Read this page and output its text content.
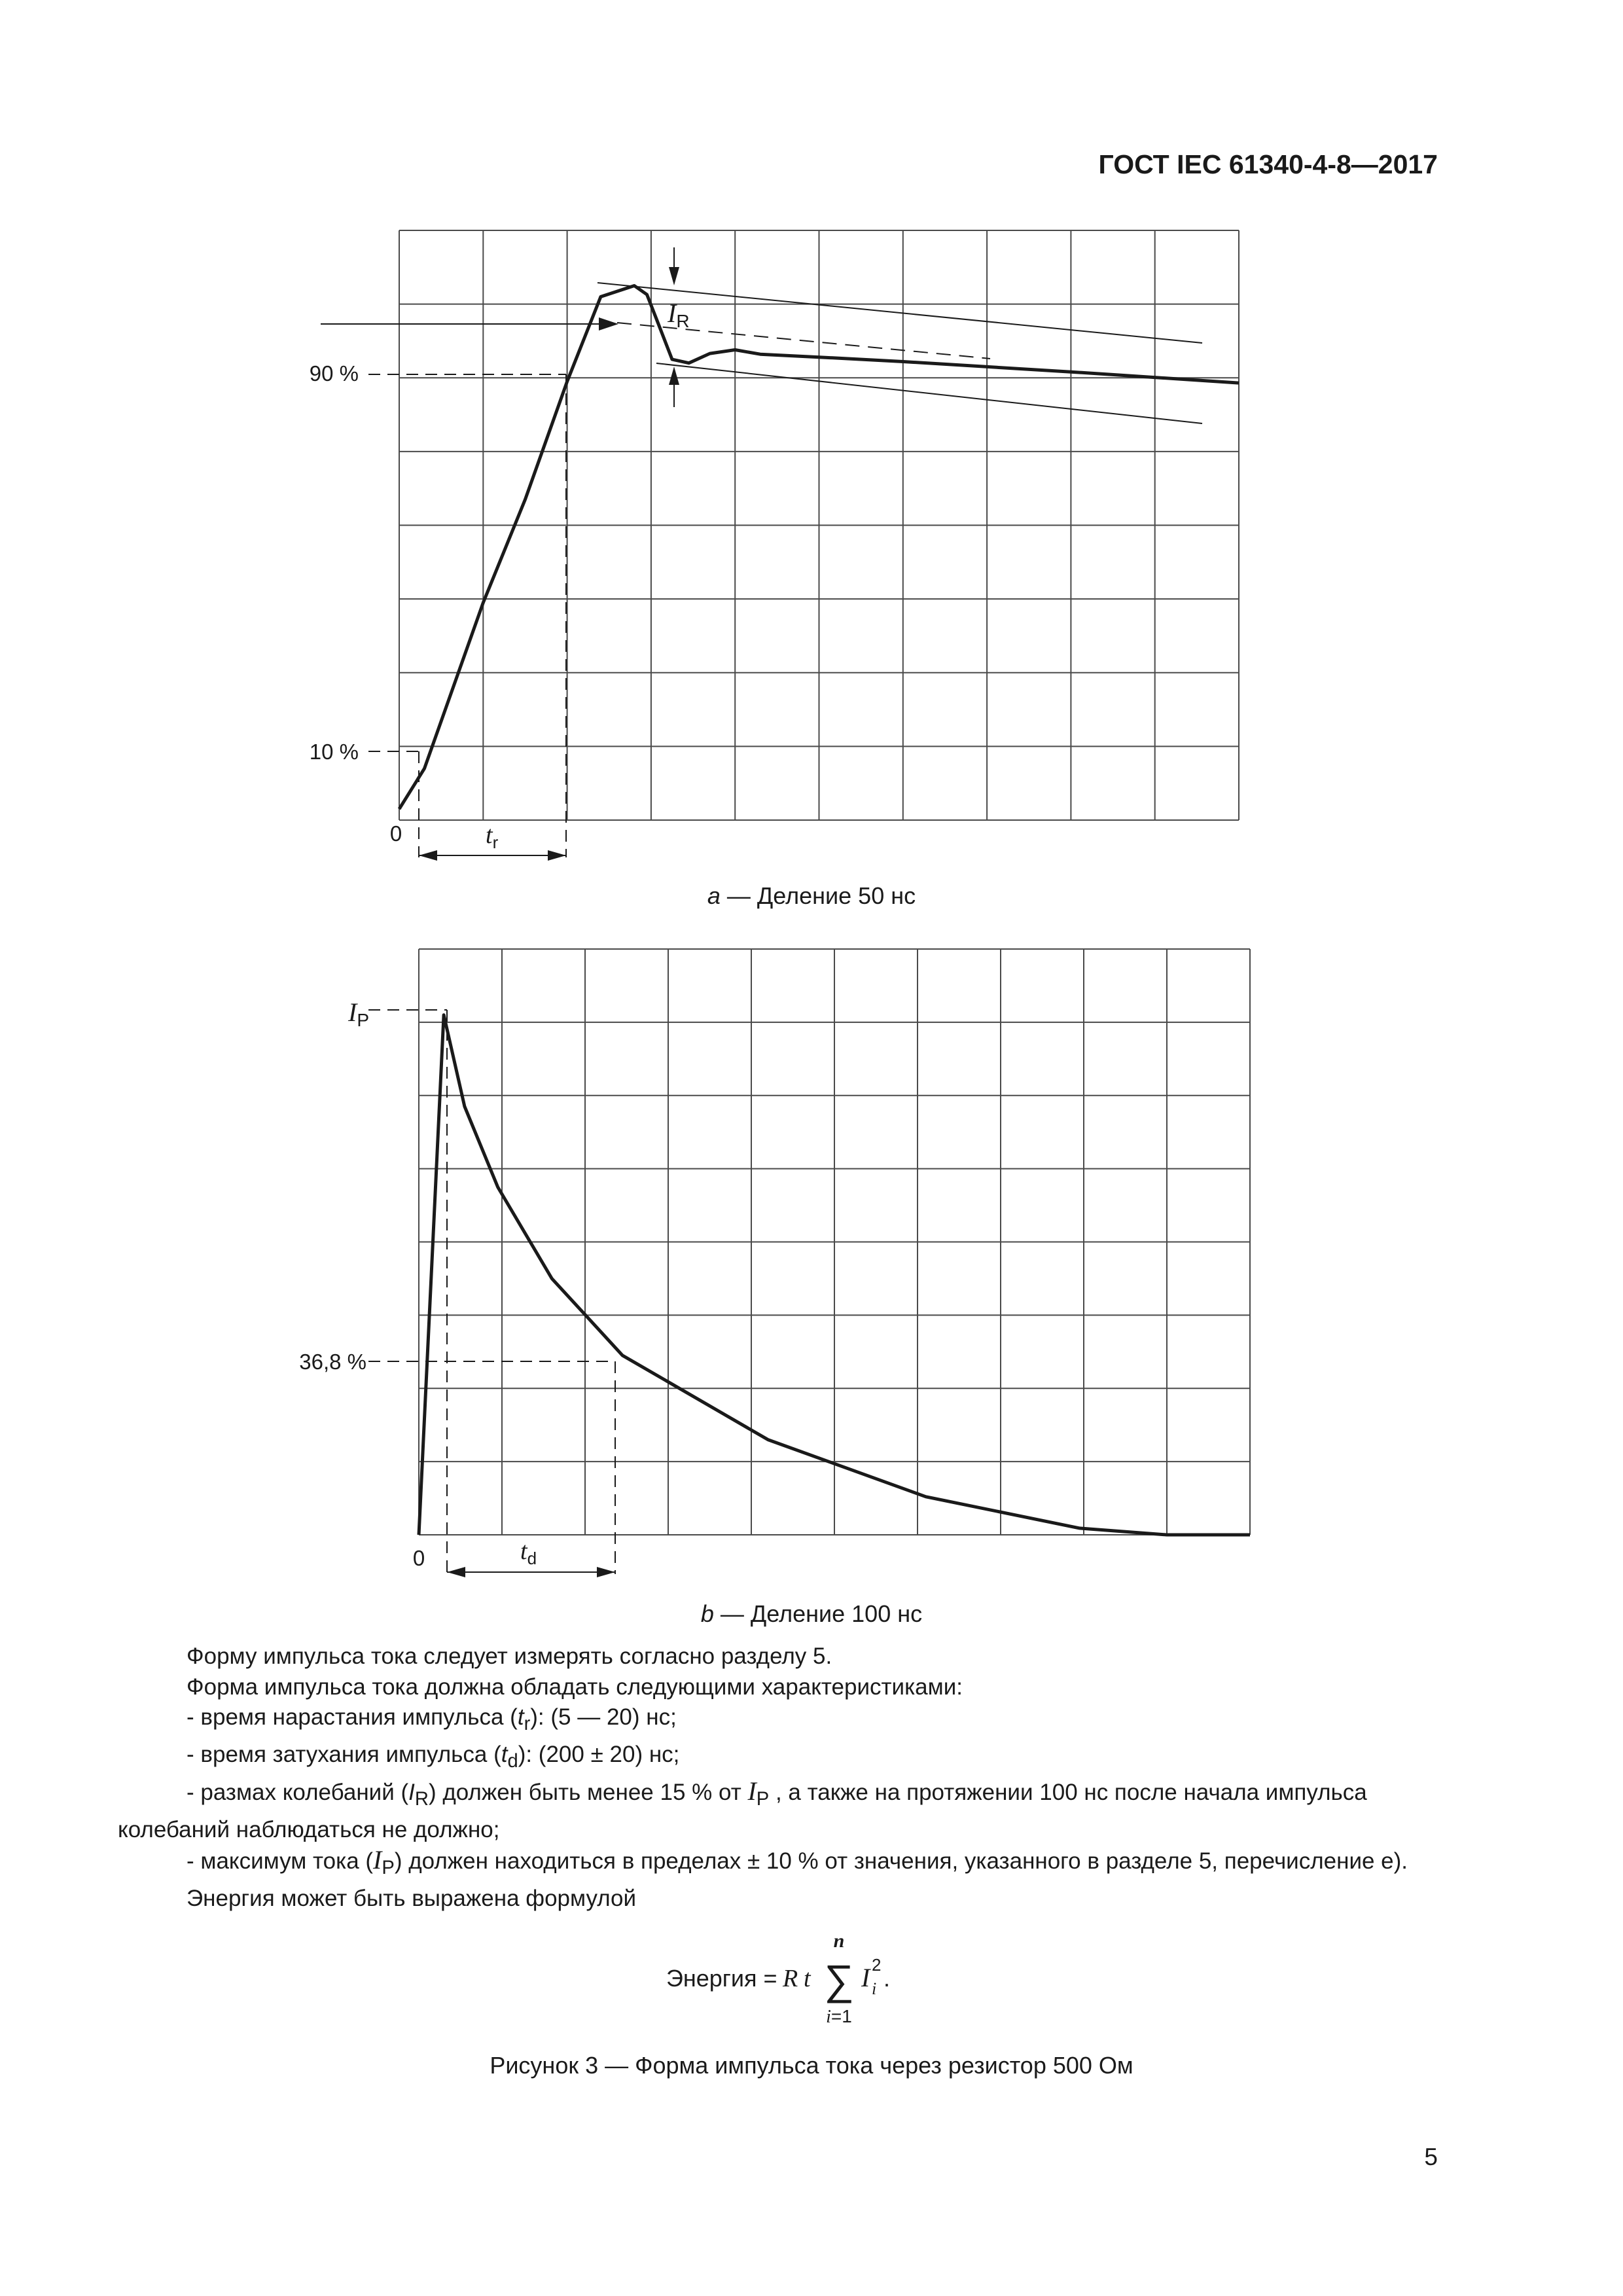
ГОСТ IEC 61340-4-8—2017
90 %
10 %
0
$I_R$
$t_r$
a — Деление 50 нс
$I_P$
36,8 %
0	$t_d$
b — Деление 100 нс

Форму импульса тока следует измерять согласно разделу 5.

Форма импульса тока должна обладать следующими характеристиками:

- время нарастания импульса $(t_r)$: (5 — 20) нс;

- время затухания импульса $(t_d)$: (200 ± 20) нс;

- размах колебаний $(I_R)$ должен быть менее 15 % от $I_P$ , а также на протяжении 100 нс после начала импульса колебаний наблюдаться не должно;

- максимум тока $(I_P)$ должен находиться в пределах ± 10 % от значения, указанного в разделе 5, перечисление е).

Энергия может быть выражена формулой

Энергия = R t
n
∑
i=1
I i
2 .
Рисунок 3 — Форма импульса тока через резистор 500 Ом
5
